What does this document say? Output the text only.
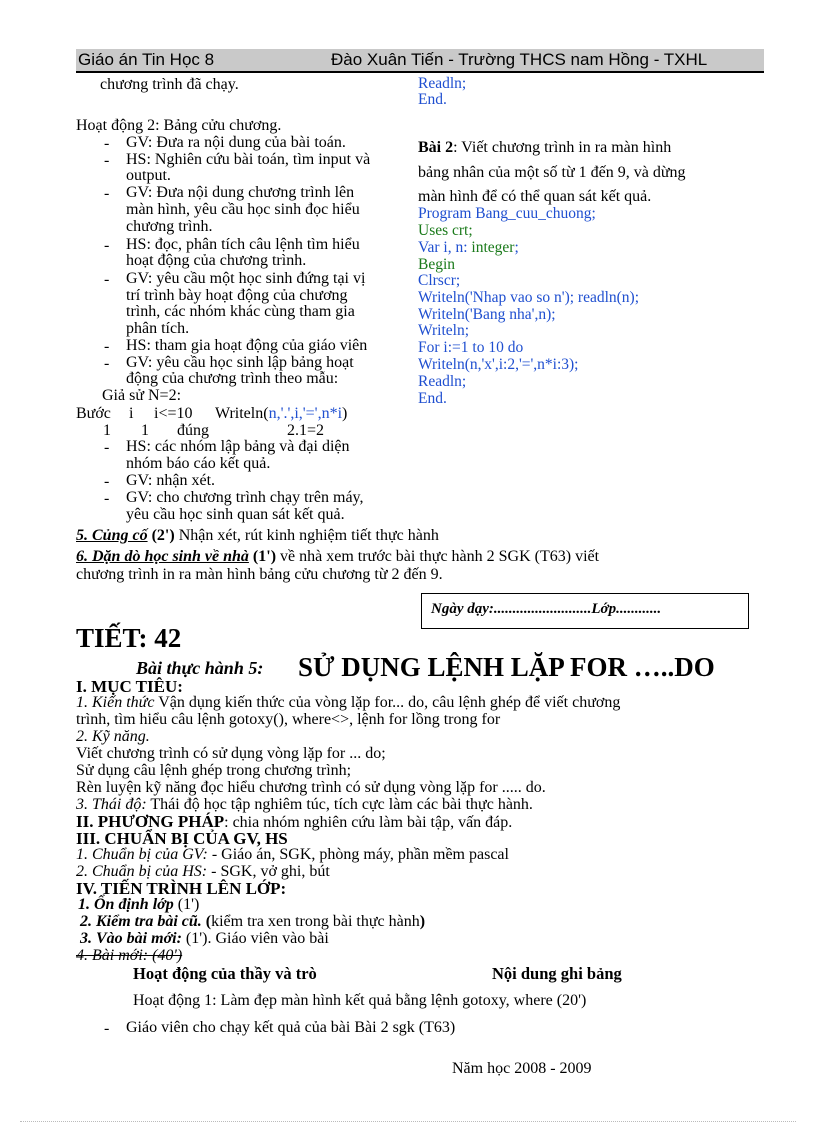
Giáo án Tin Học 8	Đào Xuân Tiến - Trường THCS nam Hồng - TXHL
chương trình đã chạy.
Hoạt động 2: Bảng cửu chương.
- GV: Đưa ra nội dung của bài toán.
- HS: Nghiên cứu bài toán, tìm input và
output.
- GV: Đưa nội dung chương trình lên
màn hình, yêu cầu học sinh đọc hiểu
chương trình.
- HS: đọc, phân tích câu lệnh tìm hiểu
hoạt động của chương trình.
- GV: yêu cầu một học sinh đứng tại vị
trí trình bày hoạt động của chương
trình, các nhóm khác cùng tham gia
phân tích.
- HS: tham gia hoạt động của giáo viên
- GV: yêu cầu học sinh lập bảng hoạt
động của chương trình theo mẫu:
Giả sử N=2:
Bước i i<=10 Writeln(n,'.',i,'=',n*i)
1 1 đúng	2.1=2
- HS: các nhóm lập bảng và đại diện
nhóm báo cáo kết quả.
- GV: nhận xét.
- GV: cho chương trình chạy trên máy,
yêu cầu học sinh quan sát kết quả.
Readln;
End.
Bài 2: Viết chương trình in ra màn hình
bảng nhân của một số từ 1 đến 9, và dừng
màn hình để có thể quan sát kết quả.
Program Bang_cuu_chuong;
Uses crt;
Var i, n: integer;
Begin
Clrscr;
Writeln('Nhap vao so n'); readln(n);
Writeln('Bang nha',n);
Writeln;
For i:=1 to 10 do
Writeln(n,'x',i:2,'=',n*i:3);
Readln;
End.
5. Củng cố (2') Nhận xét, rút kinh nghiệm tiết thực hành
6. Dặn dò học sinh về nhà (1') về nhà xem trước bài thực hành 2 SGK (T63) viết
chương trình in ra màn hình bảng cửu chương từ 2 đến 9.
Ngày dạy:..........................Lớp............
TIẾT: 42
Bài thực hành 5: SỬ DỤNG LỆNH LẶP FOR …..DO
I. MỤC TIÊU:
1. Kiến thức Vận dụng kiến thức của vòng lặp for... do, câu lệnh ghép để viết chương
trình, tìm hiểu câu lệnh gotoxy(), where<>, lệnh for lồng trong for
2. Kỹ năng.
Viết chương trình có sử dụng vòng lặp for ... do;
Sử dụng câu lệnh ghép trong chương trình;
Rèn luyện kỹ năng đọc hiểu chương trình có sử dụng vòng lặp for ..... do.
3. Thái độ: Thái độ học tập nghiêm túc, tích cực làm các bài thực hành.
II. PHƯƠNG PHÁP: chia nhóm nghiên cứu làm bài tập, vấn đáp.
III. CHUẨN BỊ CỦA GV, HS
1. Chuẩn bị của GV: - Giáo án, SGK, phòng máy, phần mềm pascal
2. Chuẩn bị của HS: - SGK, vở ghi, bút
IV. TIẾN TRÌNH LÊN LỚP:
1. Ổn định lớp (1')
2. Kiểm tra bài cũ. (kiểm tra xen trong bài thực hành)
3. Vào bài mới: (1'). Giáo viên vào bài
4. Bài mới: (40')
Hoạt động của thầy và trò	Nội dung ghi bảng
Hoạt động 1: Làm đẹp màn hình kết quả bằng lệnh gotoxy, where (20')
- Giáo viên cho chạy kết quả của bài Bài 2 sgk (T63)
Năm học 2008 - 2009
